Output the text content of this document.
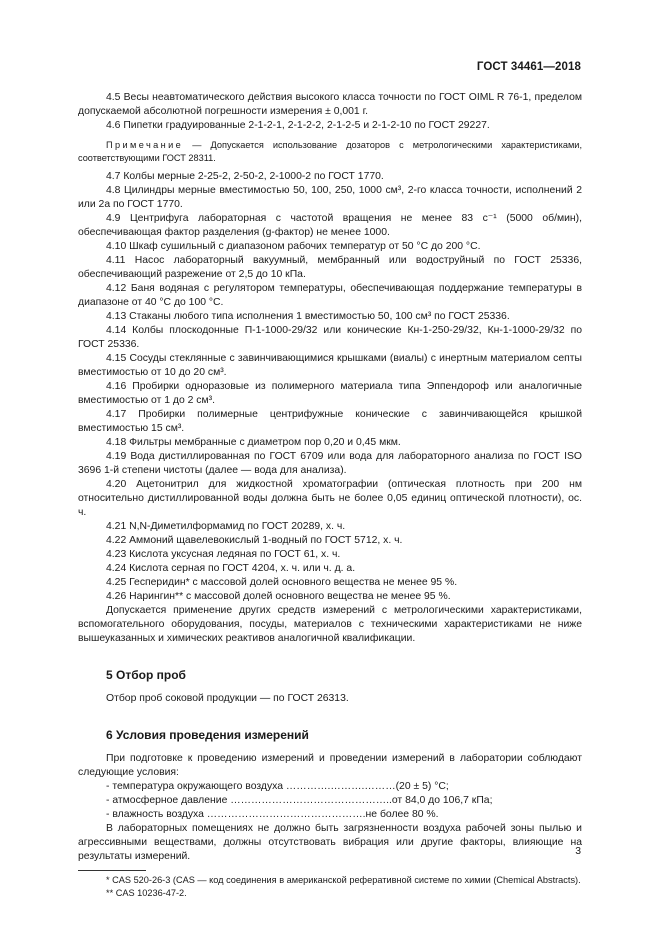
ГОСТ 34461—2018

4.5 Весы неавтоматического действия высокого класса точности по ГОСТ OIML R 76-1, пределом допускаемой абсолютной погрешности измерения ± 0,001 г.

4.6 Пипетки градуированные 2-1-2-1, 2-1-2-2, 2-1-2-5 и 2-1-2-10 по ГОСТ 29227.

Примечание — Допускается использование дозаторов с метрологическими характеристиками, соответствующими ГОСТ 28311.

4.7 Колбы мерные 2-25-2, 2-50-2, 2-1000-2 по ГОСТ 1770.

4.8 Цилиндры мерные вместимостью 50, 100, 250, 1000 см³, 2-го класса точности, исполнений 2 или 2а по ГОСТ 1770.

4.9 Центрифуга лабораторная с частотой вращения не менее 83 с⁻¹ (5000 об/мин), обеспечивающая фактор разделения (g-фактор) не менее 1000.

4.10 Шкаф сушильный с диапазоном рабочих температур от 50 °С до 200 °С.

4.11 Насос лабораторный вакуумный, мембранный или водоструйный по ГОСТ 25336, обеспечивающий разрежение от 2,5 до 10 кПа.

4.12 Баня водяная с регулятором температуры, обеспечивающая поддержание температуры в диапазоне от 40 °С до 100 °С.

4.13 Стаканы любого типа исполнения 1 вместимостью 50, 100 см³ по ГОСТ 25336.

4.14 Колбы плоскодонные П-1-1000-29/32 или конические Кн-1-250-29/32, Кн-1-1000-29/32 по ГОСТ 25336.

4.15 Сосуды стеклянные с завинчивающимися крышками (виалы) с инертным материалом септы вместимостью от 10 до 20 см³.

4.16 Пробирки одноразовые из полимерного материала типа Эппендороф или аналогичные вместимостью от 1 до 2 см³.

4.17 Пробирки полимерные центрифужные конические с завинчивающейся крышкой вместимостью 15 см³.

4.18 Фильтры мембранные с диаметром пор 0,20 и 0,45 мкм.

4.19 Вода дистиллированная по ГОСТ 6709 или вода для лабораторного анализа по ГОСТ ISO 3696 1-й степени чистоты (далее — вода для анализа).

4.20 Ацетонитрил для жидкостной хроматографии (оптическая плотность при 200 нм относительно дистиллированной воды должна быть не более 0,05 единиц оптической плотности), ос. ч.

4.21 N,N-Диметилформамид по ГОСТ 20289, х. ч.

4.22 Аммоний щавелевокислый 1-водный по ГОСТ 5712, х. ч.

4.23 Кислота уксусная ледяная по ГОСТ 61, х. ч.

4.24 Кислота серная по ГОСТ 4204, х. ч. или ч. д. а.

4.25 Гесперидин* с массовой долей основного вещества не менее 95 %.

4.26 Нарингин** с массовой долей основного вещества не менее 95 %.

Допускается применение других средств измерений с метрологическими характеристиками, вспомогательного оборудования, посуды, материалов с техническими характеристиками не ниже вышеуказанных и химических реактивов аналогичной квалификации.

5 Отбор проб

Отбор проб соковой продукции — по ГОСТ 26313.

6 Условия проведения измерений

При подготовке к проведению измерений и проведении измерений в лаборатории соблюдают следующие условия:

- температура окружающего воздуха ………….……….………(20 ± 5) °С;

- атмосферное давление ………………………………………..от 84,0 до 106,7 кПа;

- влажность воздуха ……………………………………….не более 80 %.

В лабораторных помещениях не должно быть загрязненности воздуха рабочей зоны пылью и агрессивными веществами, должны отсутствовать вибрация или другие факторы, влияющие на результаты измерений.

* CAS 520-26-3 (CAS — код соединения в американской реферативной системе по химии (Chemical Abstracts).

** CAS 10236-47-2.

3
